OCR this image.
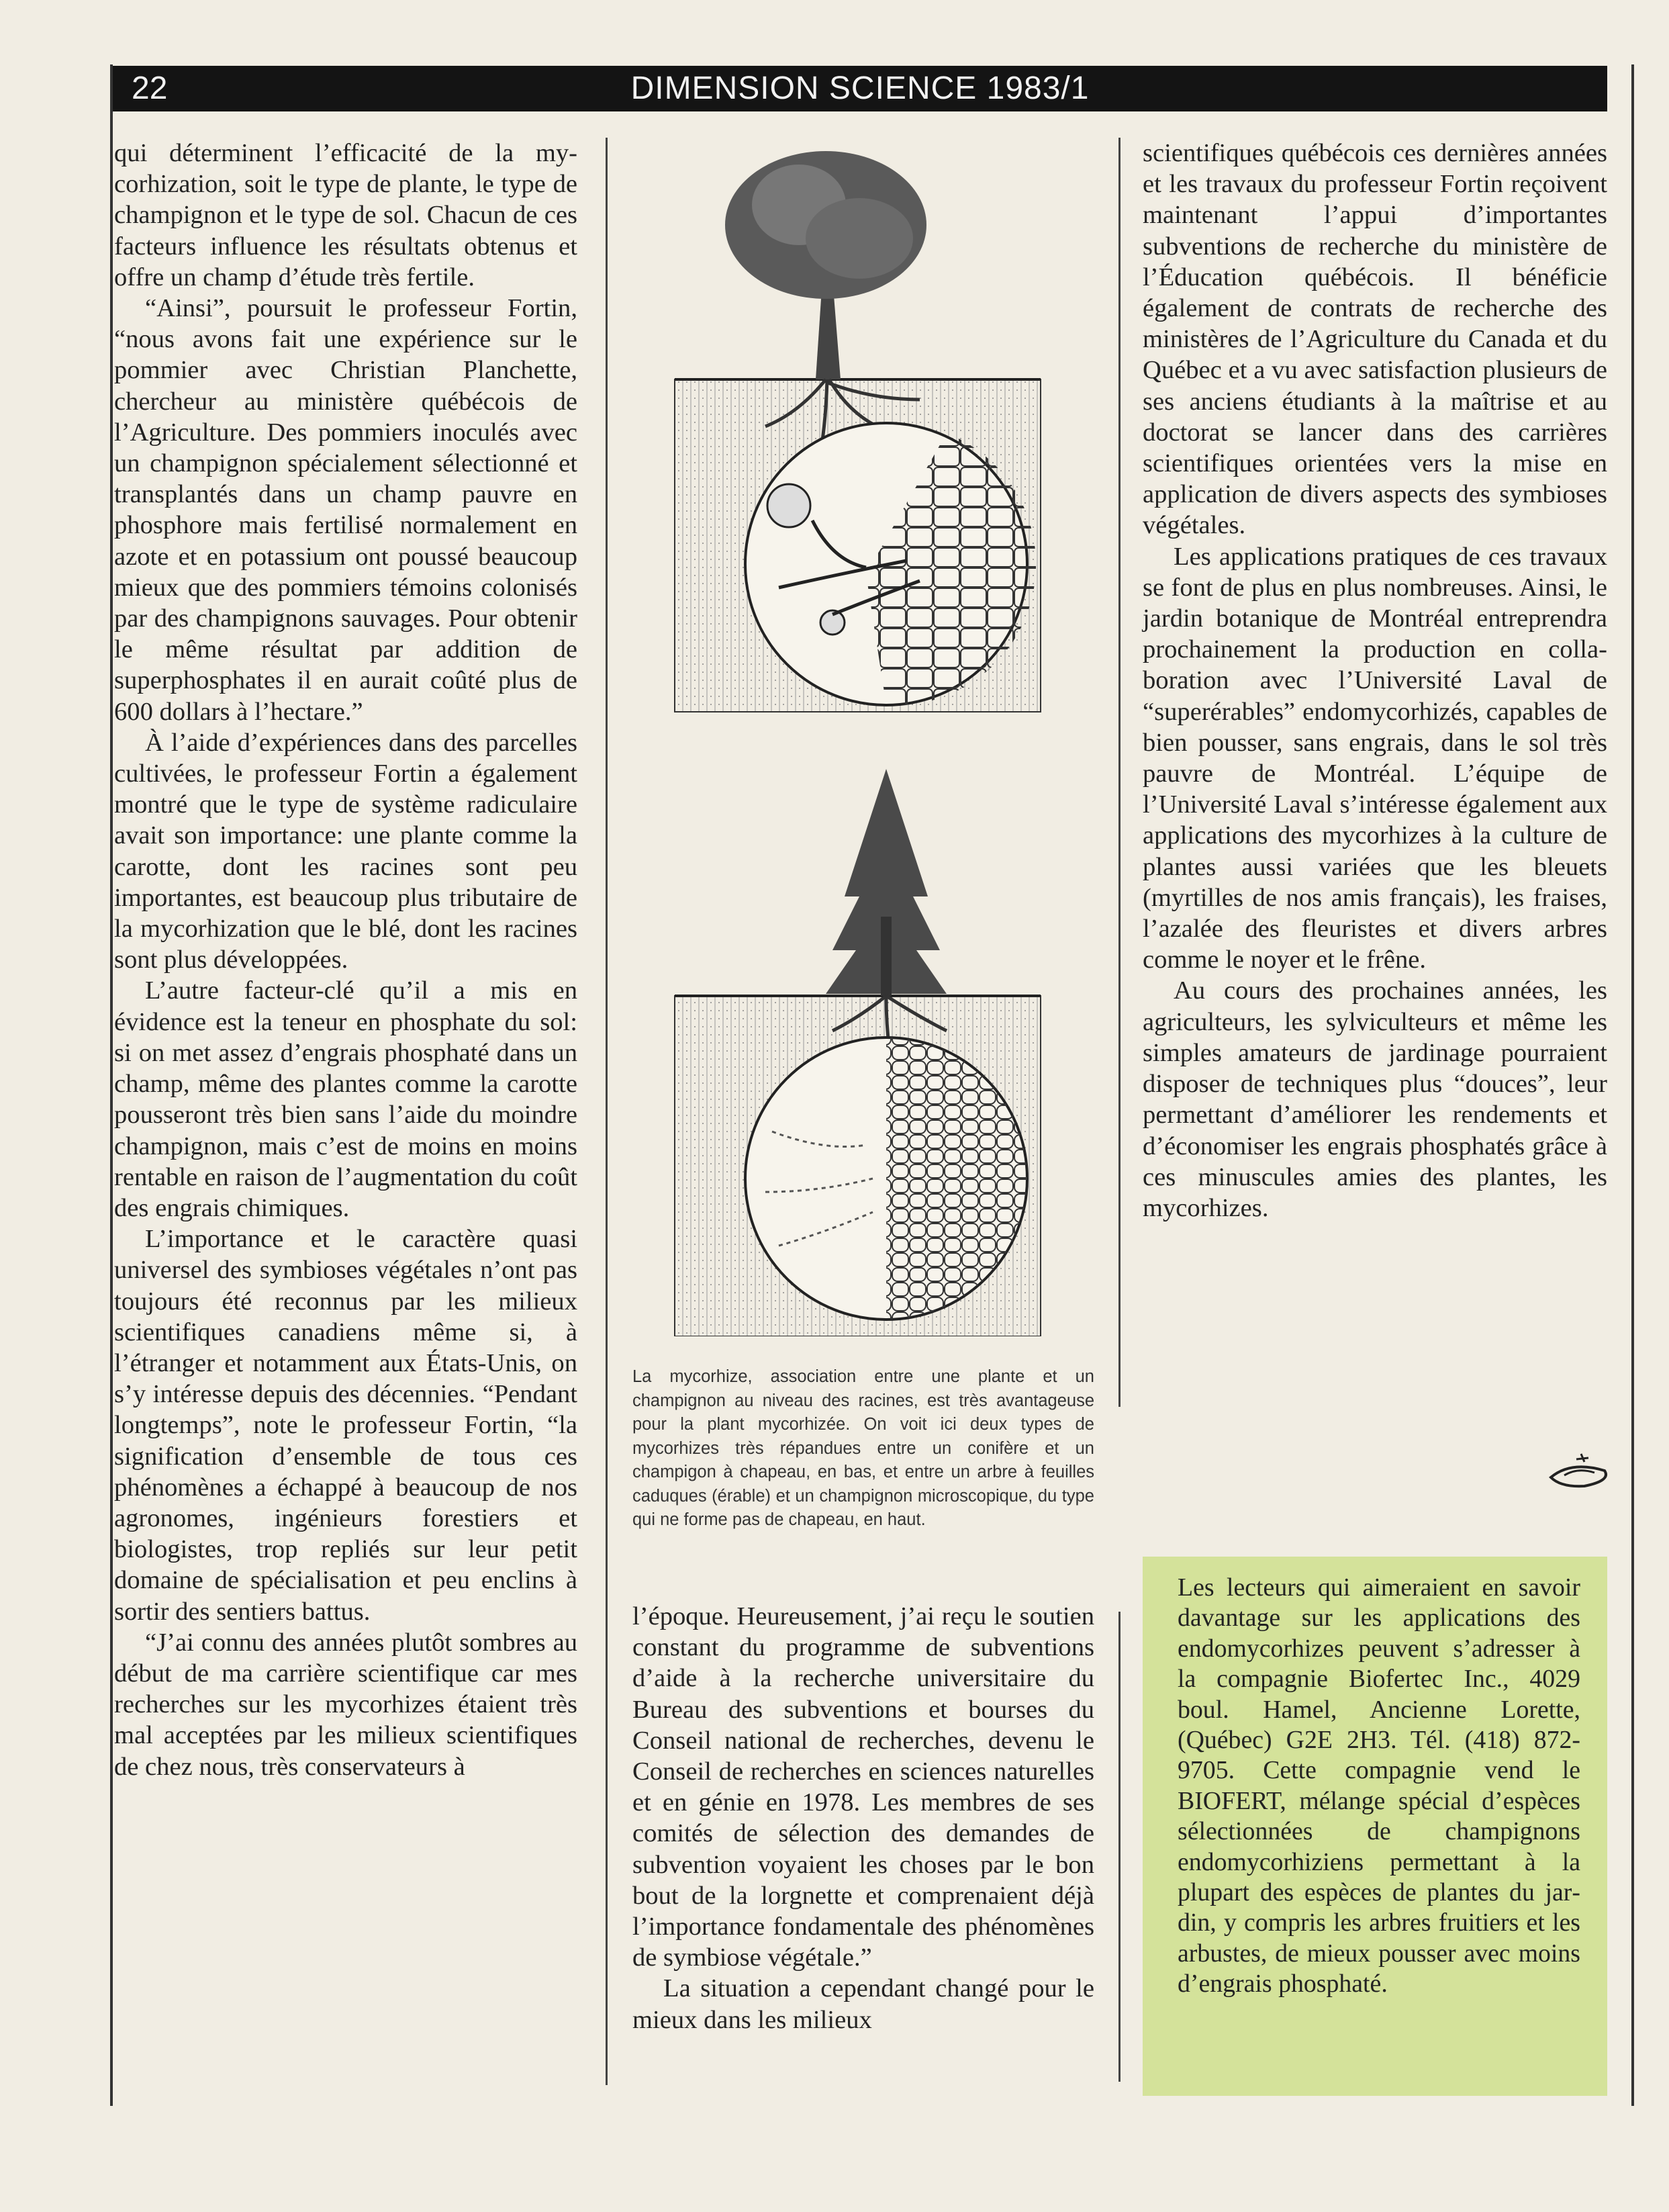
22	DIMENSION SCIENCE 1983/1

qui déterminent l’efficacité de la mycorhization, soit le type de plante, le type de champignon et le type de sol. Chacun de ces facteurs influence les résultats obtenus et offre un champ d’étude très fertile.

“Ainsi”, poursuit le professeur Fortin, “nous avons fait une expérience sur le pommier avec Christian Planchette, chercheur au ministère québécois de l’Agriculture. Des pommiers inoculés avec un champignon spécialement sélectionné et transplantés dans un champ pauvre en phosphore mais fertilisé normalement en azote et en potassium ont poussé beaucoup mieux que des pommiers témoins colonisés par des champignons sauvages. Pour obtenir le même résultat par addition de superphosphates il en aurait coûté plus de 600 dollars à l’hectare.”

À l’aide d’expériences dans des parcelles cultivées, le professeur Fortin a également montré que le type de système radiculaire avait son importance: une plante comme la carotte, dont les racines sont peu importantes, est beaucoup plus tributaire de la mycorhization que le blé, dont les racines sont plus développées.

L’autre facteur-clé qu’il a mis en évidence est la teneur en phosphate du sol: si on met assez d’engrais phosphaté dans un champ, même des plantes comme la carotte pousseront très bien sans l’aide du moindre champignon, mais c’est de moins en moins rentable en raison de l’augmentation du coût des engrais chimiques.

L’importance et le caractère quasi universel des symbioses végétales n’ont pas toujours été reconnus par les milieux scientifiques canadiens même si, à l’étranger et notamment aux États-Unis, on s’y intéresse depuis des décennies. “Pendant longtemps”, note le professeur Fortin, “la signification d’ensemble de tous ces phénomènes a échappé à beaucoup de nos agronomes, ingénieurs forestiers et biologistes, trop repliés sur leur petit domaine de spécialisation et peu enclins à sortir des sentiers battus.

“J’ai connu des années plutôt sombres au début de ma carrière scientifique car mes recherches sur les mycorhizes étaient très mal acceptées par les milieux scientifiques de chez nous, très conservateurs à

La mycorhize, association entre une plante et un champignon au niveau des racines, est très avantageuse pour la plant mycorhizée. On voit ici deux types de mycorhizes très répandues entre un conifère et un champigon à chapeau, en bas, et entre un arbre à feuilles caduques (érable) et un champignon microscopique, du type qui ne forme pas de chapeau, en haut.

l’époque. Heureusement, j’ai reçu le soutien constant du programme de subventions d’aide à la recherche universitaire du Bureau des subventions et bourses du Conseil national de recherches, devenu le Conseil de recherches en sciences naturelles et en génie en 1978. Les membres de ses comités de sélection des demandes de subvention voyaient les choses par le bon bout de la lorgnette et comprenaient déjà l’importance fondamentale des phénomènes de symbiose végétale.”

La situation a cependant changé pour le mieux dans les milieux

scientifiques québécois ces dernières années et les travaux du professeur Fortin reçoivent maintenant l’appui d’importantes subventions de recherche du ministère de l’Éducation québécois. Il bénéficie également de contrats de recherche des ministères de l’Agriculture du Canada et du Québec et a vu avec satisfaction plusieurs de ses anciens étudiants à la maîtrise et au doctorat se lancer dans des carrières scientifiques orientées vers la mise en application de divers aspects des symbioses végétales.

Les applications pratiques de ces travaux se font de plus en plus nombreuses. Ainsi, le jardin botanique de Montréal entreprendra prochainement la production en collaboration avec l’Université Laval de “superérables” endomycorhizés, capables de bien pousser, sans engrais, dans le sol très pauvre de Montréal. L’équipe de l’Université Laval s’intéresse également aux applications des mycorhizes à la culture de plantes aussi variées que les bleuets (myrtilles de nos amis français), les fraises, l’azalée des fleuristes et divers arbres comme le noyer et le frêne.

Au cours des prochaines années, les agriculteurs, les sylviculteurs et même les simples amateurs de jardinage pourraient disposer de techniques plus “douces”, leur permettant d’améliorer les rendements et d’économiser les engrais phosphatés grâce à ces minuscules amies des plantes, les mycorhizes.

Les lecteurs qui aimeraient en savoir davantage sur les applications des endomycorhizes peuvent s’adresser à la compagnie Biofertec Inc., 4029 boul. Hamel, Ancienne Lorette, (Québec) G2E 2H3. Tél. (418) 872-9705. Cette compagnie vend le BIOFERT, mélange spécial d’espèces sélectionnées de champignons endomycorhiziens permettant à la plupart des espèces de plantes du jardin, y compris les arbres fruitiers et les arbustes, de mieux pousser avec moins d’engrais phosphaté.
